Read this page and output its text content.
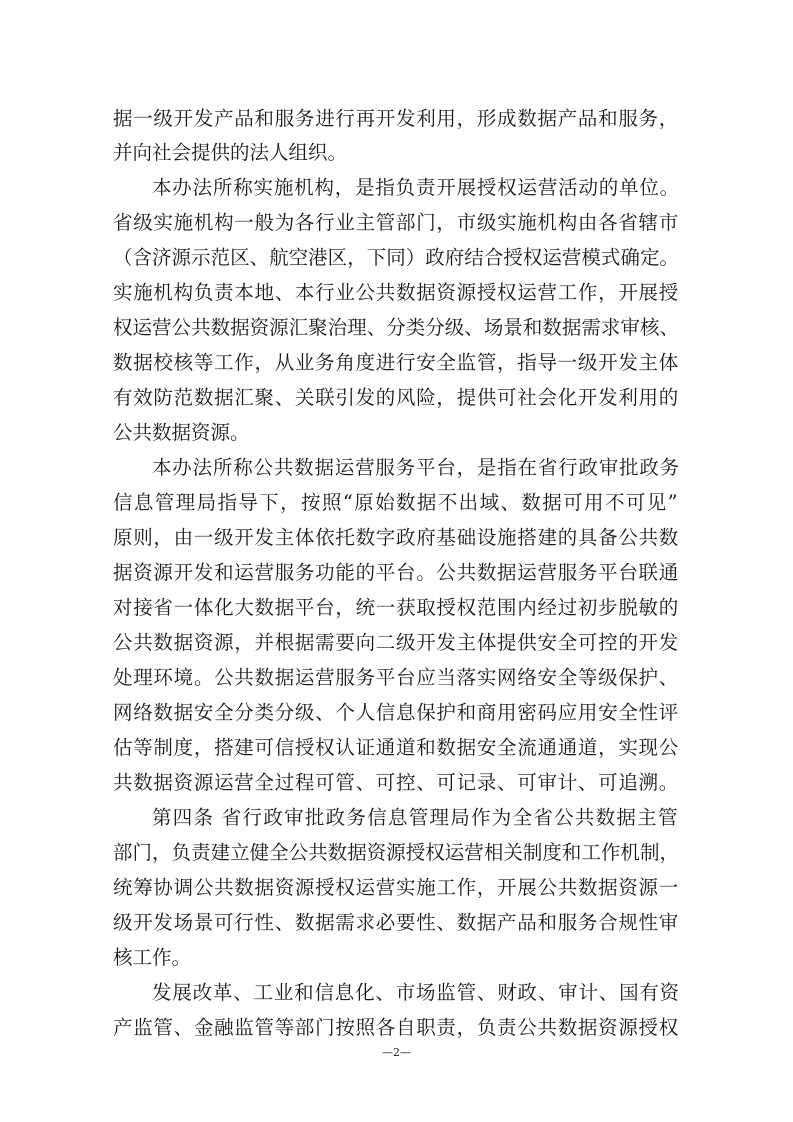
据一级开发产品和服务进行再开发利用，形成数据产品和服务，
并向社会提供的法人组织。
本办法所称实施机构，是指负责开展授权运营活动的单位。
省级实施机构一般为各行业主管部门，市级实施机构由各省辖市
（含济源示范区、航空港区，下同）政府结合授权运营模式确定。
实施机构负责本地、本行业公共数据资源授权运营工作，开展授
权运营公共数据资源汇聚治理、分类分级、场景和数据需求审核、
数据校核等工作，从业务角度进行安全监管，指导一级开发主体
有效防范数据汇聚、关联引发的风险，提供可社会化开发利用的
公共数据资源。
本办法所称公共数据运营服务平台，是指在省行政审批政务
信息管理局指导下，按照“原始数据不出域、数据可用不可见”
原则，由一级开发主体依托数字政府基础设施搭建的具备公共数
据资源开发和运营服务功能的平台。公共数据运营服务平台联通
对接省一体化大数据平台，统一获取授权范围内经过初步脱敏的
公共数据资源，并根据需要向二级开发主体提供安全可控的开发
处理环境。公共数据运营服务平台应当落实网络安全等级保护、
网络数据安全分类分级、个人信息保护和商用密码应用安全性评
估等制度，搭建可信授权认证通道和数据安全流通通道，实现公
共数据资源运营全过程可管、可控、可记录、可审计、可追溯。
第四条 省行政审批政务信息管理局作为全省公共数据主管
部门，负责建立健全公共数据资源授权运营相关制度和工作机制，
统筹协调公共数据资源授权运营实施工作，开展公共数据资源一
级开发场景可行性、数据需求必要性、数据产品和服务合规性审
核工作。
发展改革、工业和信息化、市场监管、财政、审计、国有资
产监管、金融监管等部门按照各自职责，负责公共数据资源授权
—2—
